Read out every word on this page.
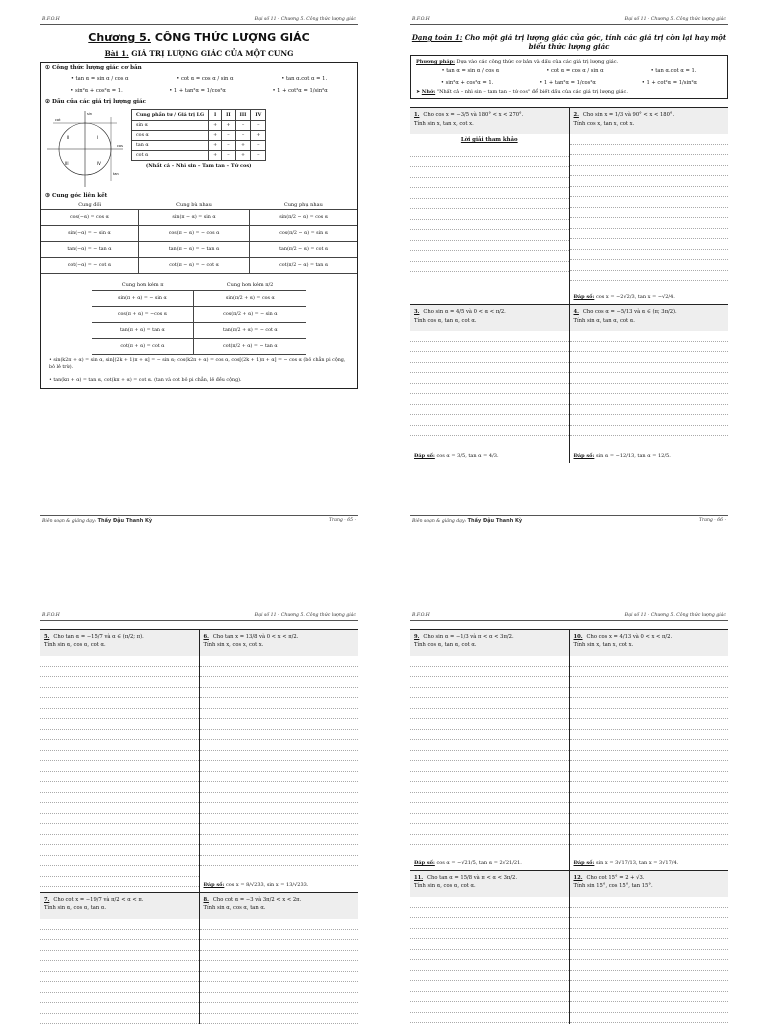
B.F.O.H	Đại số 11 · Chương 5. Công thức lượng giác
Chương 5. CÔNG THỨC LƯỢNG GIÁC
Bài 1. GIÁ TRỊ LƯỢNG GIÁC CỦA MỘT CUNG
① Công thức lượng giác cơ bản
• tan α = sin α / cos α	• cot α = cos α / sin α	• tan α.cot α = 1.
• sin²α + cos²α = 1.	• 1 + tan²α = 1/cos²α	• 1 + cot²α = 1/sin²α
② Dấu của các giá trị lượng giác
II	I
III	IV
sin
cos
tan
cot
Cung phần tư / Giá trị LG	I	II	III	IV
sin α	+	+	–	–
cos α	+	–	–	+
tan α	+	–	+	–
cot α	+	–	+	–
(Nhất cả – Nhì sin – Tam tan – Tứ cos)
③ Cung góc liên kết
Cung đối	Cung bù nhau	Cung phụ nhau
cos(−α) = cos α	sin(π − α) = sin α	sin(π/2 − α) = cos α
sin(−α) = − sin α	cos(π − α) = − cos α	cos(π/2 − α) = sin α
tan(−α) = − tan α	tan(π − α) = − tan α	tan(π/2 − α) = cot α
cot(−α) = − cot α	cot(π − α) = − cot α	cot(π/2 − α) = tan α
Cung hơn kém π	Cung hơn kém π/2
sin(π + α) = − sin α	sin(π/2 + α) = cos α
cos(π + α) = −cos α	cos(π/2 + α) = − sin α
tan(π + α) = tan α	tan(π/2 + α) = − cot α
cot(π + α) = cot α	cot(π/2 + α) = − tan α
• sin(k2π + α) = sin α, sin[(2k + 1)π + α] = − sin α; cos(k2π + α) = cos α, cos[(2k + 1)π + α] = − cos α (bỏ chẵn pi cộng, bỏ lẻ trừ).
• tan(kπ + α) = tan α, cot(kπ + α) = cot α. (tan và cot bỏ pi chẵn, lẻ đều cộng).
Biên soạn & giảng dạy: Thầy Đậu Thanh Kỳ	Trang · 65 ·
B.F.O.H	Đại số 11 · Chương 5. Công thức lượng giác
Dạng toán 1: Cho một giá trị lượng giác của góc, tính các giá trị còn lại hay một biểu thức lượng giác
Phương pháp: Dựa vào các công thức cơ bản và dấu của các giá trị lượng giác.
• tan α = sin α / cos α	• cot α = cos α / sin α	• tan α.cot α = 1.
• sin²α + cos²α = 1.	• 1 + tan²α = 1/cos²α	• 1 + cot²α = 1/sin²α
➤ Nhớ: "Nhất cả – nhì sin – tam tan – tứ cos" để biết dấu của các giá trị lượng giác.
1. Cho cos x = −3/5 và 180° < x < 270°.
Tính sin x, tan x, cot x.
Lời giải tham khảo
2. Cho sin x = 1/3 và 90° < x < 180°.
Tính cos x, tan x, cot x.
Đáp số: cos x = −2√2/3, tan x = −√2/4.
3. Cho sin α = 4/5 và 0 < α < π/2.
Tính cos α, tan α, cot α.
Đáp số: cos α = 3/5, tan α = 4/3.
4. Cho cos α = −5/13 và α ∈ (π; 3π/2).
Tính sin α, tan α, cot α.
Đáp số: sin α = −12/13, tan α = 12/5.
Biên soạn & giảng dạy: Thầy Đậu Thanh Kỳ	Trang · 66 ·
B.F.O.H	Đại số 11 · Chương 5. Công thức lượng giác
5. Cho tan α = −15/7 và α ∈ (π/2; π).
Tính sin α, cos α, cot α.
6. Cho tan x = 13/8 và 0 < x < π/2.
Tính sin x, cos x, cot x.
Đáp số: cos x = 8/√233, sin x = 13/√233.
7. Cho cot x = −19/7 và π/2 < α < π.
Tính sin α, cos α, tan α.
8. Cho cot α = −3 và 3π/2 < x < 2π.
Tính sin α, cos α, tan α.
B.F.O.H	Đại số 11 · Chương 5. Công thức lượng giác
9. Cho sin α = −1/3 và π < α < 3π/2.
Tính cos α, tan α, cot α.
Đáp số: cos α = −√21/5, tan α = 2√21/21.
10. Cho cos x = 4/13 và 0 < x < π/2.
Tính sin x, tan x, cot x.
Đáp số: sin x = 3√17/13, tan x = 3√17/4.
11. Cho tan α = 15/8 và π < α < 3π/2.
Tính sin α, cos α, cot α.
12. Cho cot 15° = 2 + √3.
Tính sin 15°, cos 15°, tan 15°.
